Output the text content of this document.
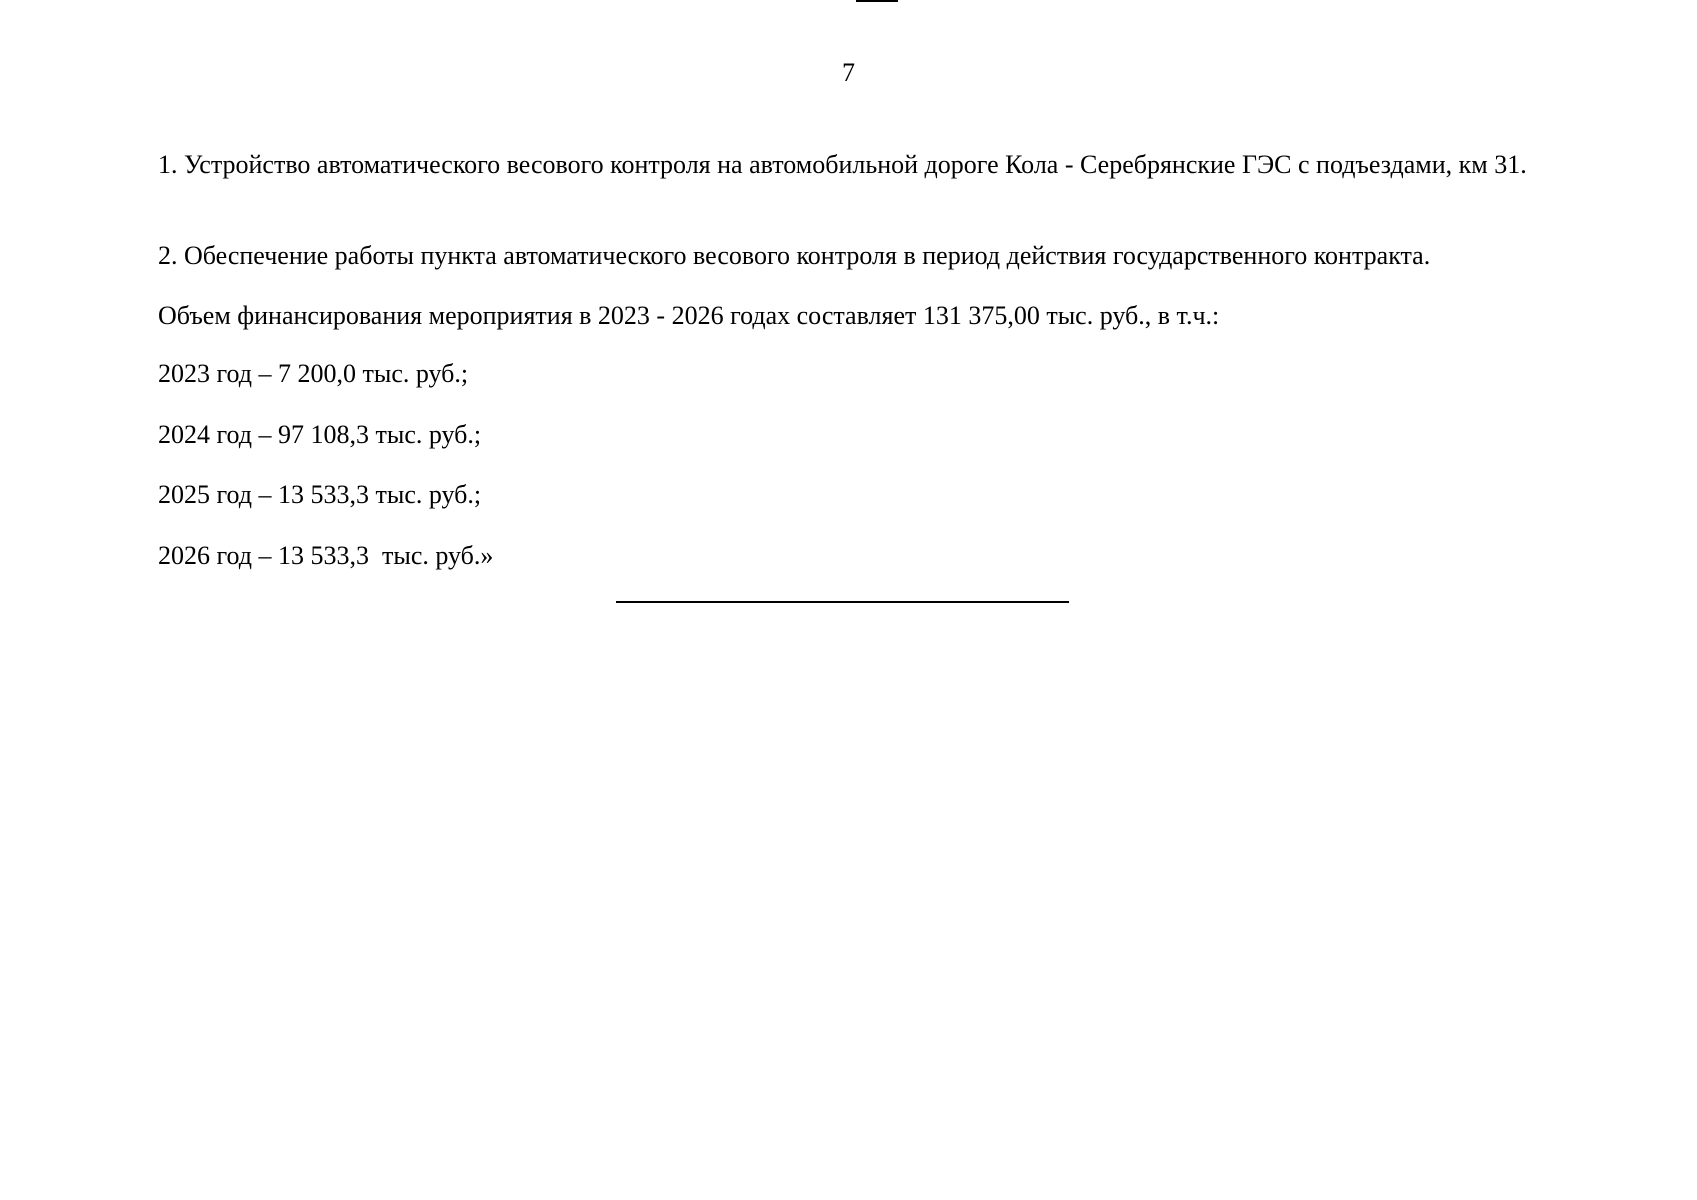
7
1. Устройство автоматического весового контроля на автомобильной дороге Кола - Серебрянские ГЭС с подъездами, км 31.
2. Обеспечение работы пункта автоматического весового контроля в период действия государственного контракта.
Объем финансирования мероприятия в 2023 - 2026 годах составляет 131 375,00 тыс. руб., в т.ч.:
2023 год – 7 200,0 тыс. руб.;
2024 год – 97 108,3 тыс. руб.;
2025 год – 13 533,3 тыс. руб.;
2026 год – 13 533,3  тыс. руб.»
